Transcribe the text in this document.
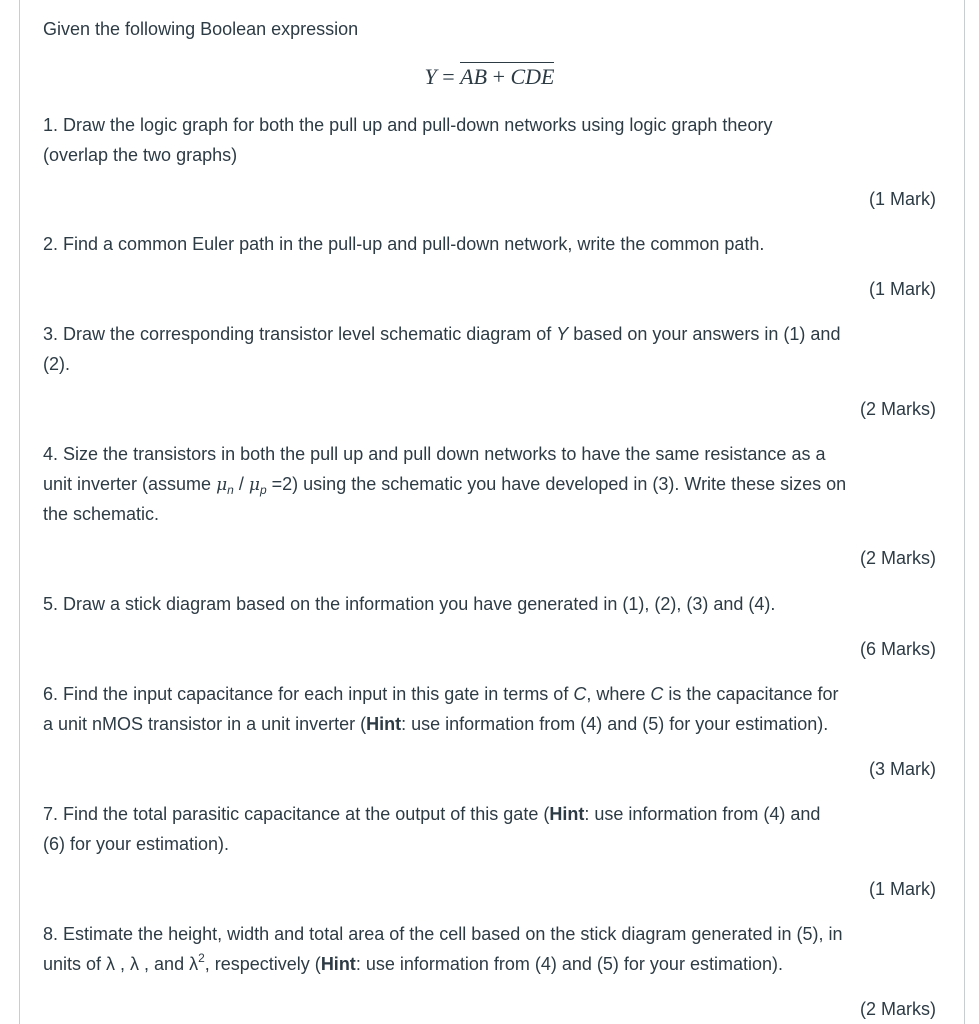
Given the following Boolean expression
Y = AB + CDE
1. Draw the logic graph for both the pull up and pull-down networks using logic graph theory
(overlap the two graphs)
(1 Mark)
2. Find a common Euler path in the pull-up and pull-down network, write the common path.
(1 Mark)
3. Draw the corresponding transistor level schematic diagram of Y based on your answers in (1) and
(2).
(2 Marks)
4. Size the transistors in both the pull up and pull down networks to have the same resistance as a
unit inverter (assume $\mu_n / \mu_p =2$) using the schematic you have developed in (3). Write these sizes on
the schematic.
(2 Marks)
5. Draw a stick diagram based on the information you have generated in (1), (2), (3) and (4).
(6 Marks)
6. Find the input capacitance for each input in this gate in terms of C, where C is the capacitance for
a unit nMOS transistor in a unit inverter (Hint: use information from (4) and (5) for your estimation).
(3 Mark)
7. Find the total parasitic capacitance at the output of this gate (Hint: use information from (4) and
(6) for your estimation).
(1 Mark)
8. Estimate the height, width and total area of the cell based on the stick diagram generated in (5), in
units of λ , λ , and $\lambda^2$, respectively (Hint: use information from (4) and (5) for your estimation).
(2 Marks)
